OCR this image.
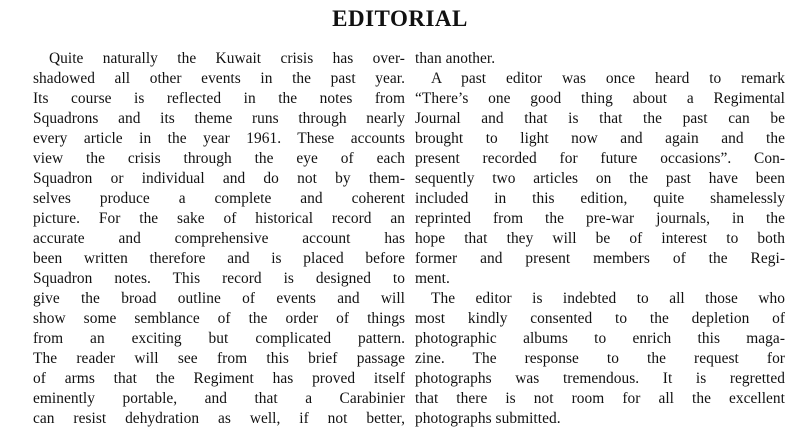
EDITORIAL
Quite naturally the Kuwait crisis has over-
shadowed all other events in the past year.
Its course is reflected in the notes from
Squadrons and its theme runs through nearly
every article in the year 1961. These accounts
view the crisis through the eye of each
Squadron or individual and do not by them-
selves produce a complete and coherent
picture. For the sake of historical record an
accurate and comprehensive account has
been written therefore and is placed before
Squadron notes. This record is designed to
give the broad outline of events and will
show some semblance of the order of things
from an exciting but complicated pattern.
The reader will see from this brief passage
of arms that the Regiment has proved itself
eminently portable, and that a Carabinier
can resist dehydration as well, if not better,
than another.
A past editor was once heard to remark
“There’s one good thing about a Regimental
Journal and that is that the past can be
brought to light now and again and the
present recorded for future occasions”. Con-
sequently two articles on the past have been
included in this edition, quite shamelessly
reprinted from the pre-war journals, in the
hope that they will be of interest to both
former and present members of the Regi-
ment.
The editor is indebted to all those who
most kindly consented to the depletion of
photographic albums to enrich this maga-
zine. The response to the request for
photographs was tremendous. It is regretted
that there is not room for all the excellent
photographs submitted.
